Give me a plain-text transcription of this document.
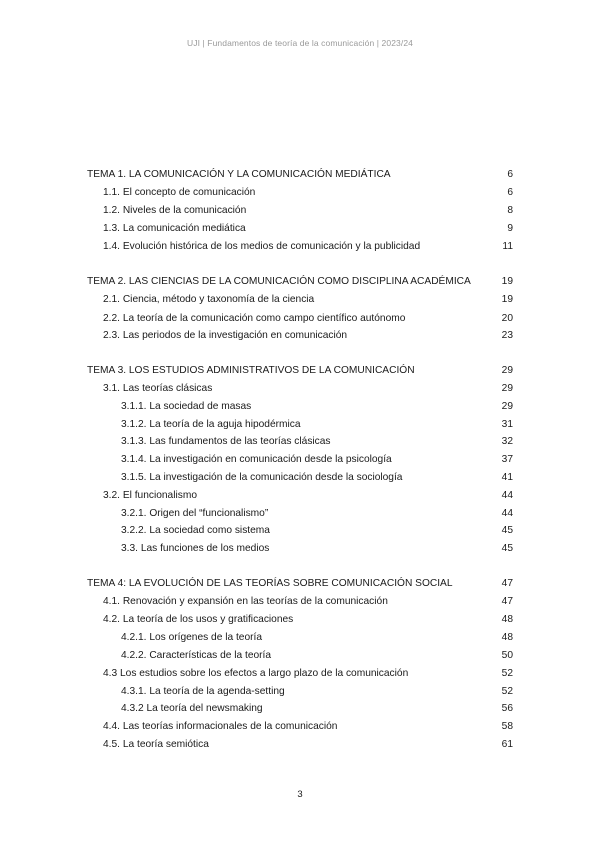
UJI | Fundamentos de teoría de la comunicación | 2023/24
TEMA 1. LA COMUNICACIÓN Y LA COMUNICACIÓN MEDIÁTICA	6
1.1. El concepto de comunicación	6
1.2. Niveles de la comunicación	8
1.3. La comunicación mediática	9
1.4. Evolución histórica de los medios de comunicación y la publicidad	11
TEMA 2. LAS CIENCIAS DE LA COMUNICACIÓN COMO DISCIPLINA ACADÉMICA	19
2.1. Ciencia, método y taxonomía de la ciencia	19
2.2. La teoría de la comunicación como campo científico autónomo	20
2.3. Las periodos de la investigación en comunicación	23
TEMA 3. LOS ESTUDIOS ADMINISTRATIVOS DE LA COMUNICACIÓN	29
3.1. Las teorías clásicas	29
3.1.1. La sociedad de masas	29
3.1.2. La teoría de la aguja hipodérmica	31
3.1.3. Las fundamentos de las teorías clásicas	32
3.1.4. La investigación en comunicación desde la psicología	37
3.1.5. La investigación de la comunicación desde la sociología	41
3.2. El funcionalismo	44
3.2.1. Origen del “funcionalismo”	44
3.2.2. La sociedad como sistema	45
3.3. Las funciones de los medios	45
TEMA 4: LA EVOLUCIÓN DE LAS TEORÍAS SOBRE COMUNICACIÓN SOCIAL	47
4.1. Renovación y expansión en las teorías de la comunicación	47
4.2. La teoría de los usos y gratificaciones	48
4.2.1. Los orígenes de la teoría	48
4.2.2. Características de la teoría	50
4.3 Los estudios sobre los efectos a largo plazo de la comunicación	52
4.3.1. La teoría de la agenda-setting	52
4.3.2 La teoría del newsmaking	56
4.4. Las teorías informacionales de la comunicación	58
4.5. La teoría semiótica	61
3
